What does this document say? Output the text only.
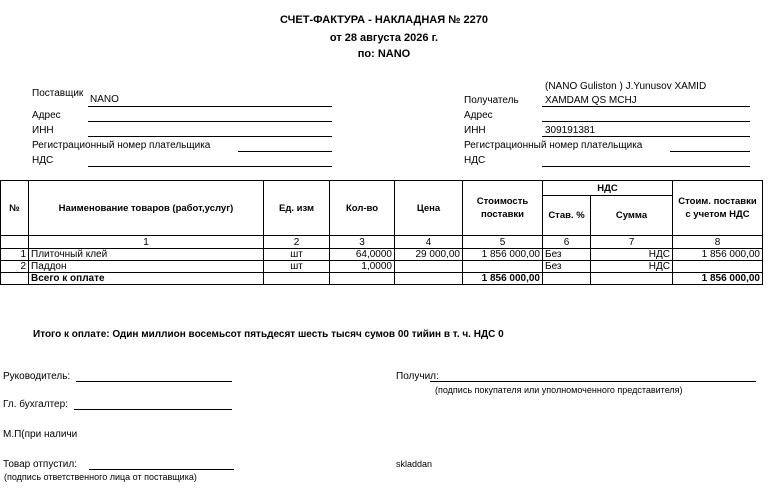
СЧЕТ-ФАКТУРА - НАКЛАДНАЯ № 2270
от 28 августа 2026 г.
по: NANO
Поставщик
NANO
Адрес
ИНН
Регистрационный номер плательщика
НДС
(NANO Guliston ) J.Yunusov XAMID
Получатель	XAMDAM QS MCHJ
Адрес
ИНН	309191381
Регистрационный номер плательщика
НДС
№	Наименование товаров (работ,услуг)	Ед. изм	Кол-во	Цена	Стоимость поставки	НДС		Стоим. поставки с учетом НДС
						Став. %	Сумма	
	1	2	3	4	5	6	7	8
1	Плиточный клей	шт	64,0000	29 000,00	1 856 000,00	Без	НДС	1 856 000,00
2	Паддон	шт	1,0000			Без	НДС	
	Всего к оплате				1 856 000,00			1 856 000,00
Итого к оплате: Один миллион восемьсот пятьдесят шесть тысяч сумов 00 тийин в т. ч. НДС 0
Руководитель:
Гл. бухгалтер:
М.П(при наличи
Товар отпустил:
(подпись ответственного лица от поставщика)
Получил:
(подпись покупателя или уполномоченного представителя)
skladdan
